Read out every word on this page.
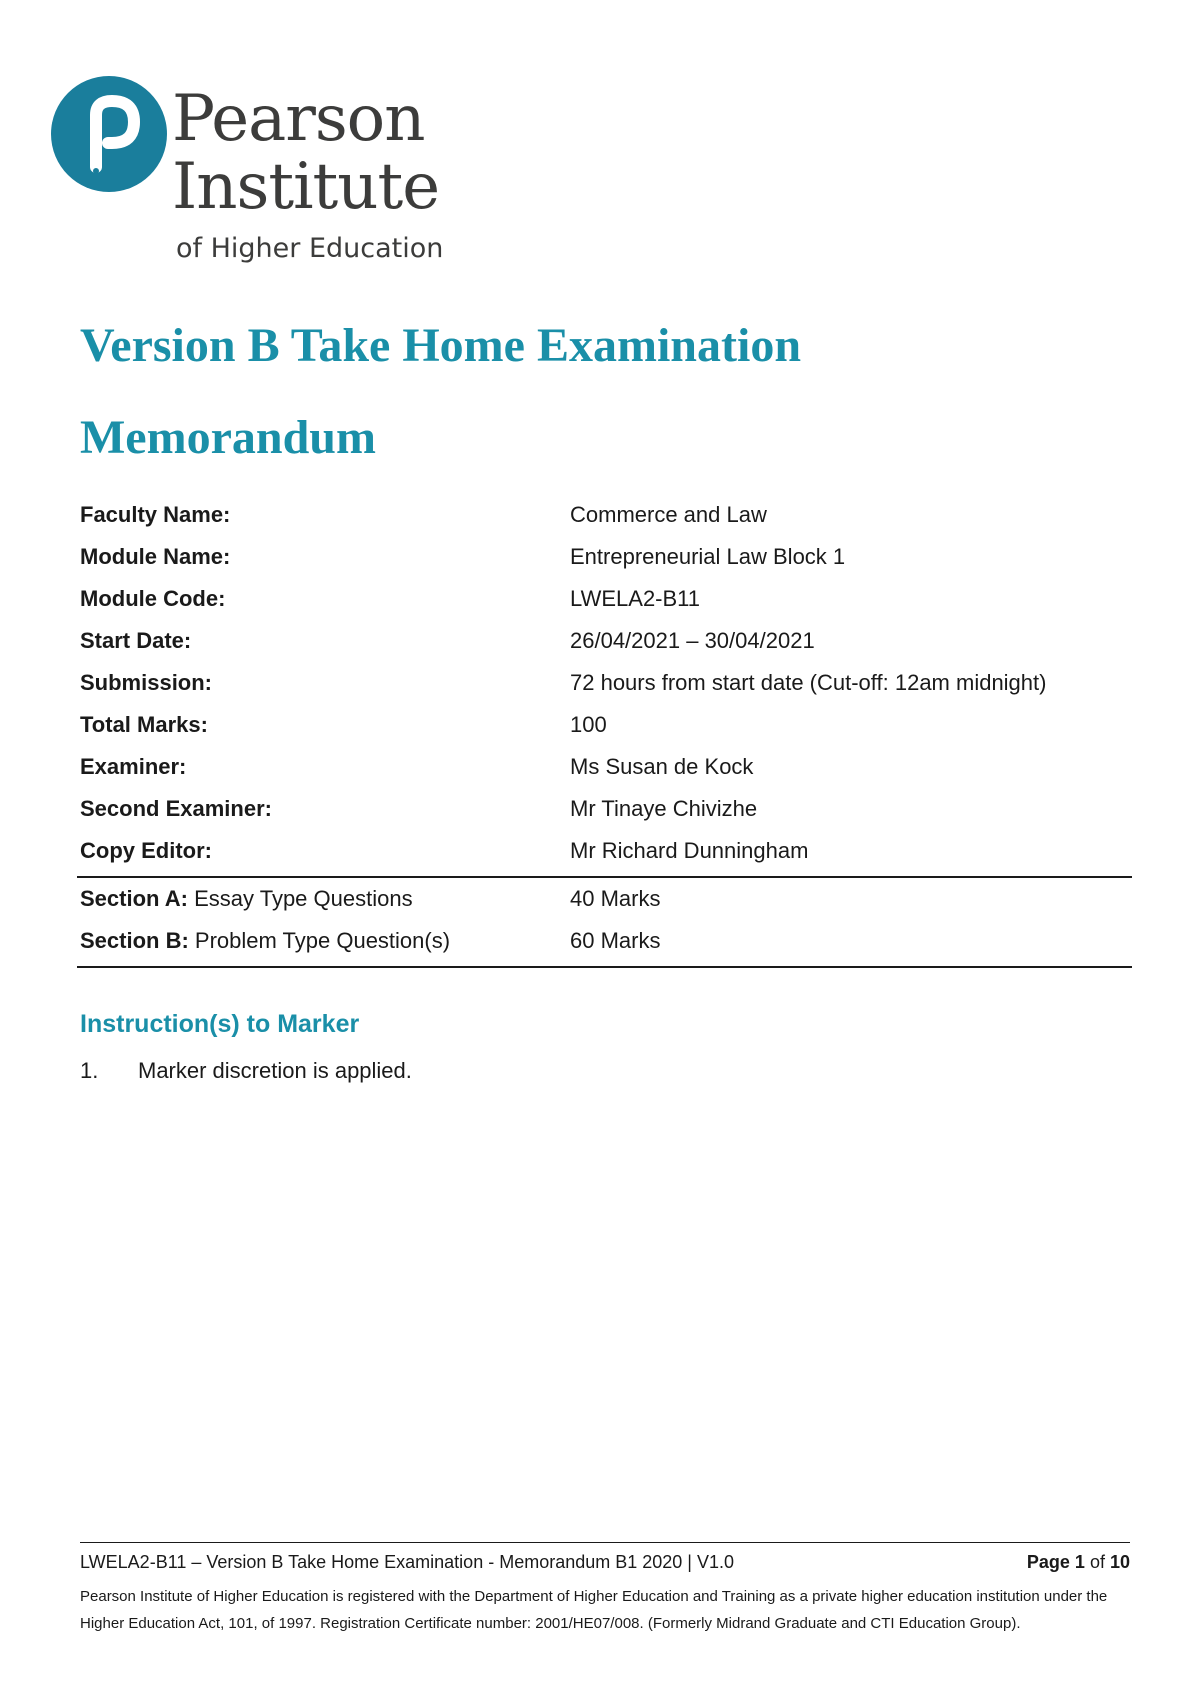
Pearson
Institute
of Higher Education
Version B Take Home Examination
Memorandum
Faculty Name:	Commerce and Law
Module Name:	Entrepreneurial Law Block 1
Module Code:	LWELA2-B11
Start Date:	26/04/2021 – 30/04/2021
Submission:	72 hours from start date (Cut-off: 12am midnight)
Total Marks:	100
Examiner:	Ms Susan de Kock
Second Examiner:	Mr Tinaye Chivizhe
Copy Editor:	Mr Richard Dunningham
Section A: Essay Type Questions	40 Marks
Section B: Problem Type Question(s)	60 Marks
Instruction(s) to Marker
1. Marker discretion is applied.
LWELA2-B11 – Version B Take Home Examination - Memorandum B1 2020 | V1.0	Page 1 of 10
Pearson Institute of Higher Education is registered with the Department of Higher Education and Training as a private higher education institution under the Higher Education Act, 101, of 1997. Registration Certificate number: 2001/HE07/008. (Formerly Midrand Graduate and CTI Education Group).
